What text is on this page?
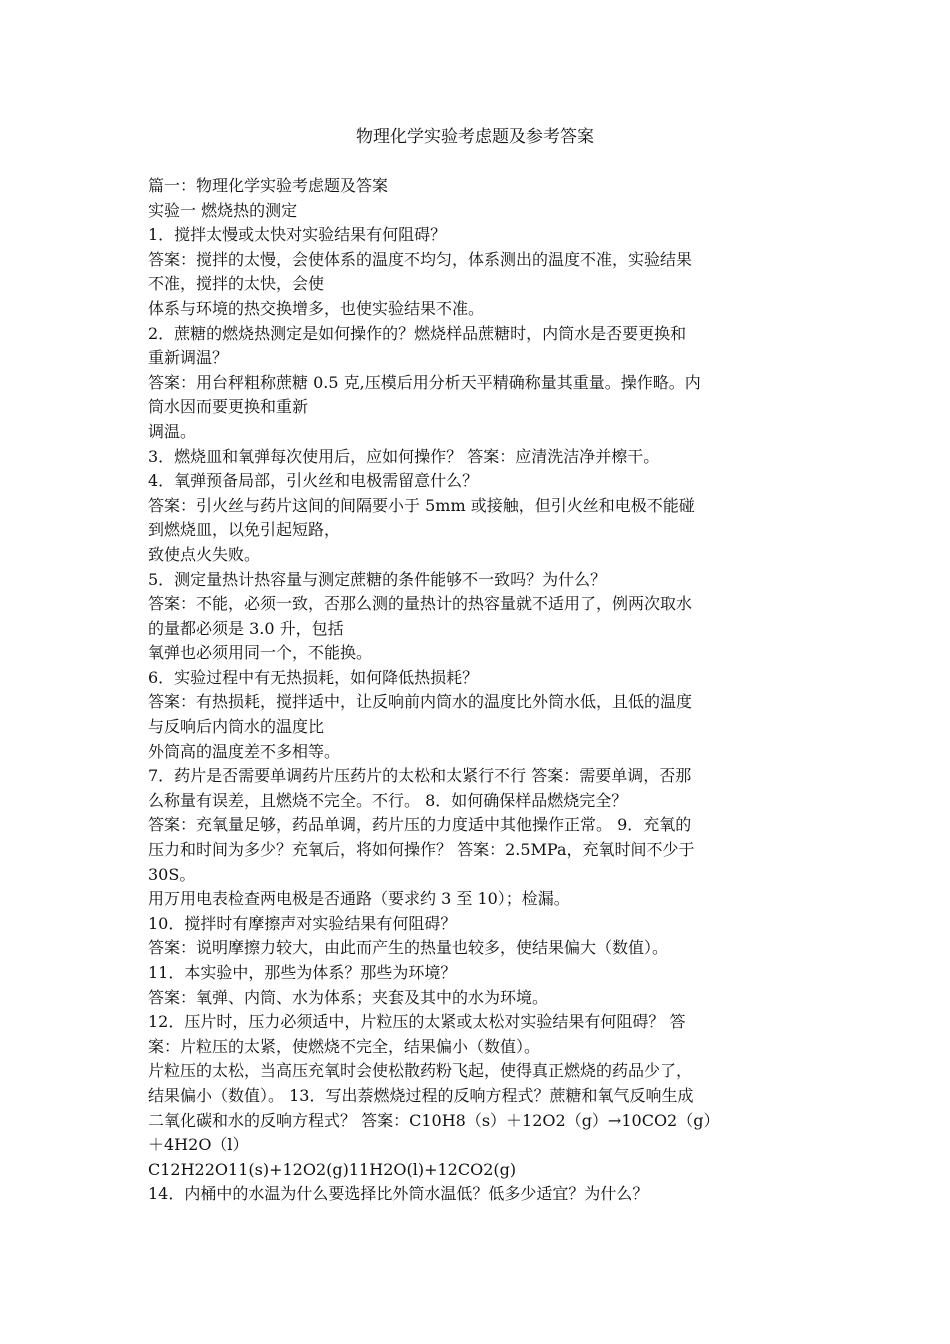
物理化学实验考虑题及参考答案

篇一：物理化学实验考虑题及答案

实验一 燃烧热的测定

1．搅拌太慢或太快对实验结果有何阻碍？

答案：搅拌的太慢，会使体系的温度不均匀，体系测出的温度不准，实验结果

不准，搅拌的太快，会使

体系与环境的热交换增多，也使实验结果不准。

2．蔗糖的燃烧热测定是如何操作的？燃烧样品蔗糖时，内筒水是否要更换和

重新调温？

答案：用台秤粗称蔗糖 0.5 克,压模后用分析天平精确称量其重量。操作略。内

筒水因而要更换和重新

调温。

3．燃烧皿和氧弹每次使用后，应如何操作？ 答案：应清洗洁净并檫干。

4．氧弹预备局部，引火丝和电极需留意什么？

答案：引火丝与药片这间的间隔要小于 5mm 或接触，但引火丝和电极不能碰

到燃烧皿，以免引起短路，

致使点火失败。

5．测定量热计热容量与测定蔗糖的条件能够不一致吗？为什么？

答案：不能，必须一致，否那么测的量热计的热容量就不适用了，例两次取水

的量都必须是 3.0 升，包括

氧弹也必须用同一个，不能换。

6．实验过程中有无热损耗，如何降低热损耗？

答案：有热损耗，搅拌适中，让反响前内筒水的温度比外筒水低，且低的温度

与反响后内筒水的温度比

外筒高的温度差不多相等。

7．药片是否需要单调药片压药片的太松和太紧行不行 答案：需要单调，否那

么称量有误差，且燃烧不完全。不行。 8．如何确保样品燃烧完全？

答案：充氧量足够，药品单调，药片压的力度适中其他操作正常。 9．充氧的

压力和时间为多少？充氧后，将如何操作？ 答案：2.5MPa，充氧时间不少于

30S。

用万用电表检查两电极是否通路（要求约 3 至 10）；检漏。

10．搅拌时有摩擦声对实验结果有何阻碍？

答案：说明摩擦力较大，由此而产生的热量也较多，使结果偏大（数值）。

11．本实验中，那些为体系？那些为环境？

答案：氧弹、内筒、水为体系；夹套及其中的水为环境。

12．压片时，压力必须适中，片粒压的太紧或太松对实验结果有何阻碍？ 答

案：片粒压的太紧，使燃烧不完全，结果偏小（数值）。

片粒压的太松，当高压充氧时会使松散药粉飞起，使得真正燃烧的药品少了，

结果偏小（数值）。 13．写出萘燃烧过程的反响方程式？蔗糖和氧气反响生成

二氧化碳和水的反响方程式？ 答案：C10H8（s）＋12O2（g）→10CO2（g）

＋4H2O（l）

C12H22O11(s)+12O2(g)11H2O(l)+12CO2(g)

14．内桶中的水温为什么要选择比外筒水温低？低多少适宜？为什么？
